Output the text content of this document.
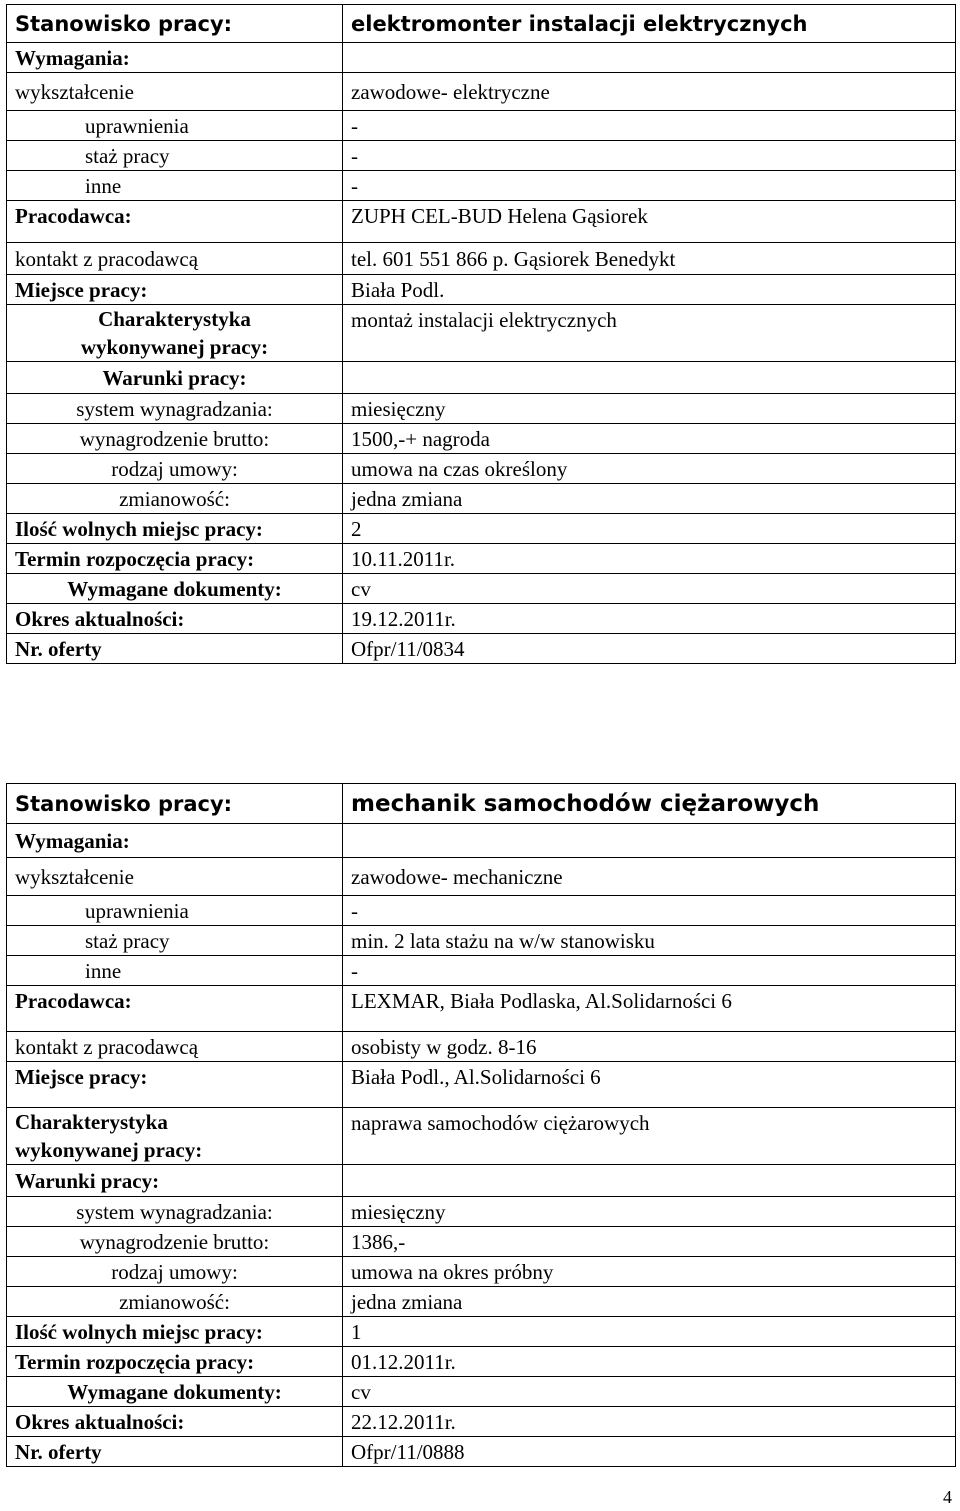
Stanowisko pracy:	elektromonter instalacji elektrycznych
Wymagania:	
wykształcenie	zawodowe- elektryczne
uprawnienia	-
staż pracy	-
inne	-
Pracodawca:	ZUPH CEL-BUD Helena Gąsiorek
kontakt z pracodawcą	tel. 601 551 866 p. Gąsiorek Benedykt
Miejsce pracy:	Biała Podl.
Charakterystyka
wykonywanej pracy:	montaż instalacji elektrycznych
Warunki pracy:	
system wynagradzania:	miesięczny
wynagrodzenie brutto:	1500,-+ nagroda
rodzaj umowy:	umowa na czas określony
zmianowość:	jedna zmiana
Ilość wolnych miejsc pracy:	2
Termin rozpoczęcia pracy:	10.11.2011r.
Wymagane dokumenty:	cv
Okres aktualności:	19.12.2011r.
Nr. oferty	Ofpr/11/0834
Stanowisko pracy:	mechanik samochodów ciężarowych
Wymagania:	
wykształcenie	zawodowe- mechaniczne
uprawnienia	-
staż pracy	min. 2 lata stażu na w/w stanowisku
inne	-
Pracodawca:	LEXMAR, Biała Podlaska, Al.Solidarności 6
kontakt z pracodawcą	osobisty w godz. 8-16
Miejsce pracy:	Biała Podl., Al.Solidarności 6
Charakterystyka
wykonywanej pracy:	naprawa samochodów ciężarowych
Warunki pracy:	
system wynagradzania:	miesięczny
wynagrodzenie brutto:	1386,-
rodzaj umowy:	umowa na okres próbny
zmianowość:	jedna zmiana
Ilość wolnych miejsc pracy:	1
Termin rozpoczęcia pracy:	01.12.2011r.
Wymagane dokumenty:	cv
Okres aktualności:	22.12.2011r.
Nr. oferty	Ofpr/11/0888
4
